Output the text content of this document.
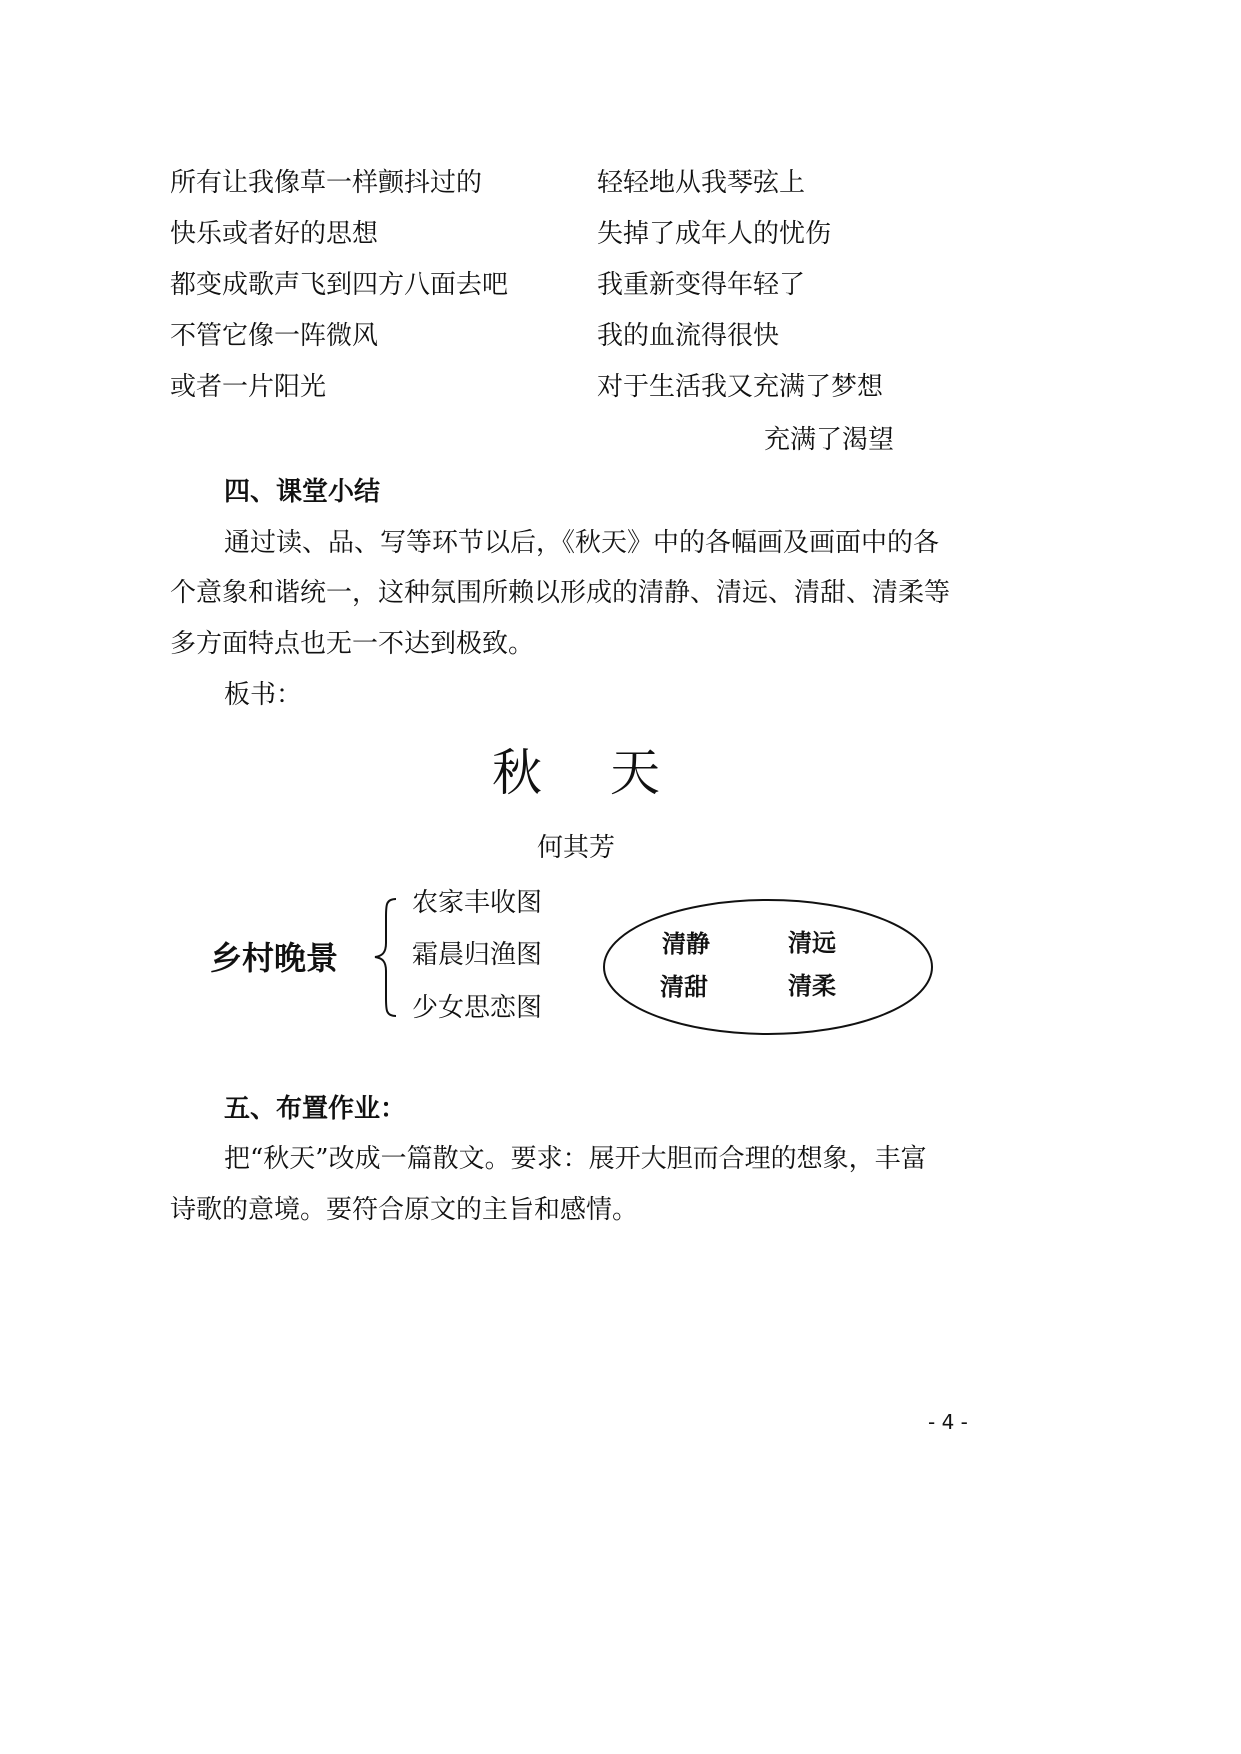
所有让我像草一样颤抖过的
快乐或者好的思想
都变成歌声飞到四方八面去吧
不管它像一阵微风
或者一片阳光
轻轻地从我琴弦上
失掉了成年人的忧伤
我重新变得年轻了
我的血流得很快
对于生活我又充满了梦想
充满了渴望
四、课堂小结
通过读、品、写等环节以后，《秋天》中的各幅画及画面中的各
个意象和谐统一，这种氛围所赖以形成的清静、清远、清甜、清柔等
多方面特点也无一不达到极致。
板书：
秋 天
何其芳
乡村晚景
农家丰收图
霜晨归渔图
少女思恋图
清静	清远
清甜	清柔
五、布置作业：
把“秋天”改成一篇散文。要求：展开大胆而合理的想象，丰富
诗歌的意境。要符合原文的主旨和感情。
- 4 -
